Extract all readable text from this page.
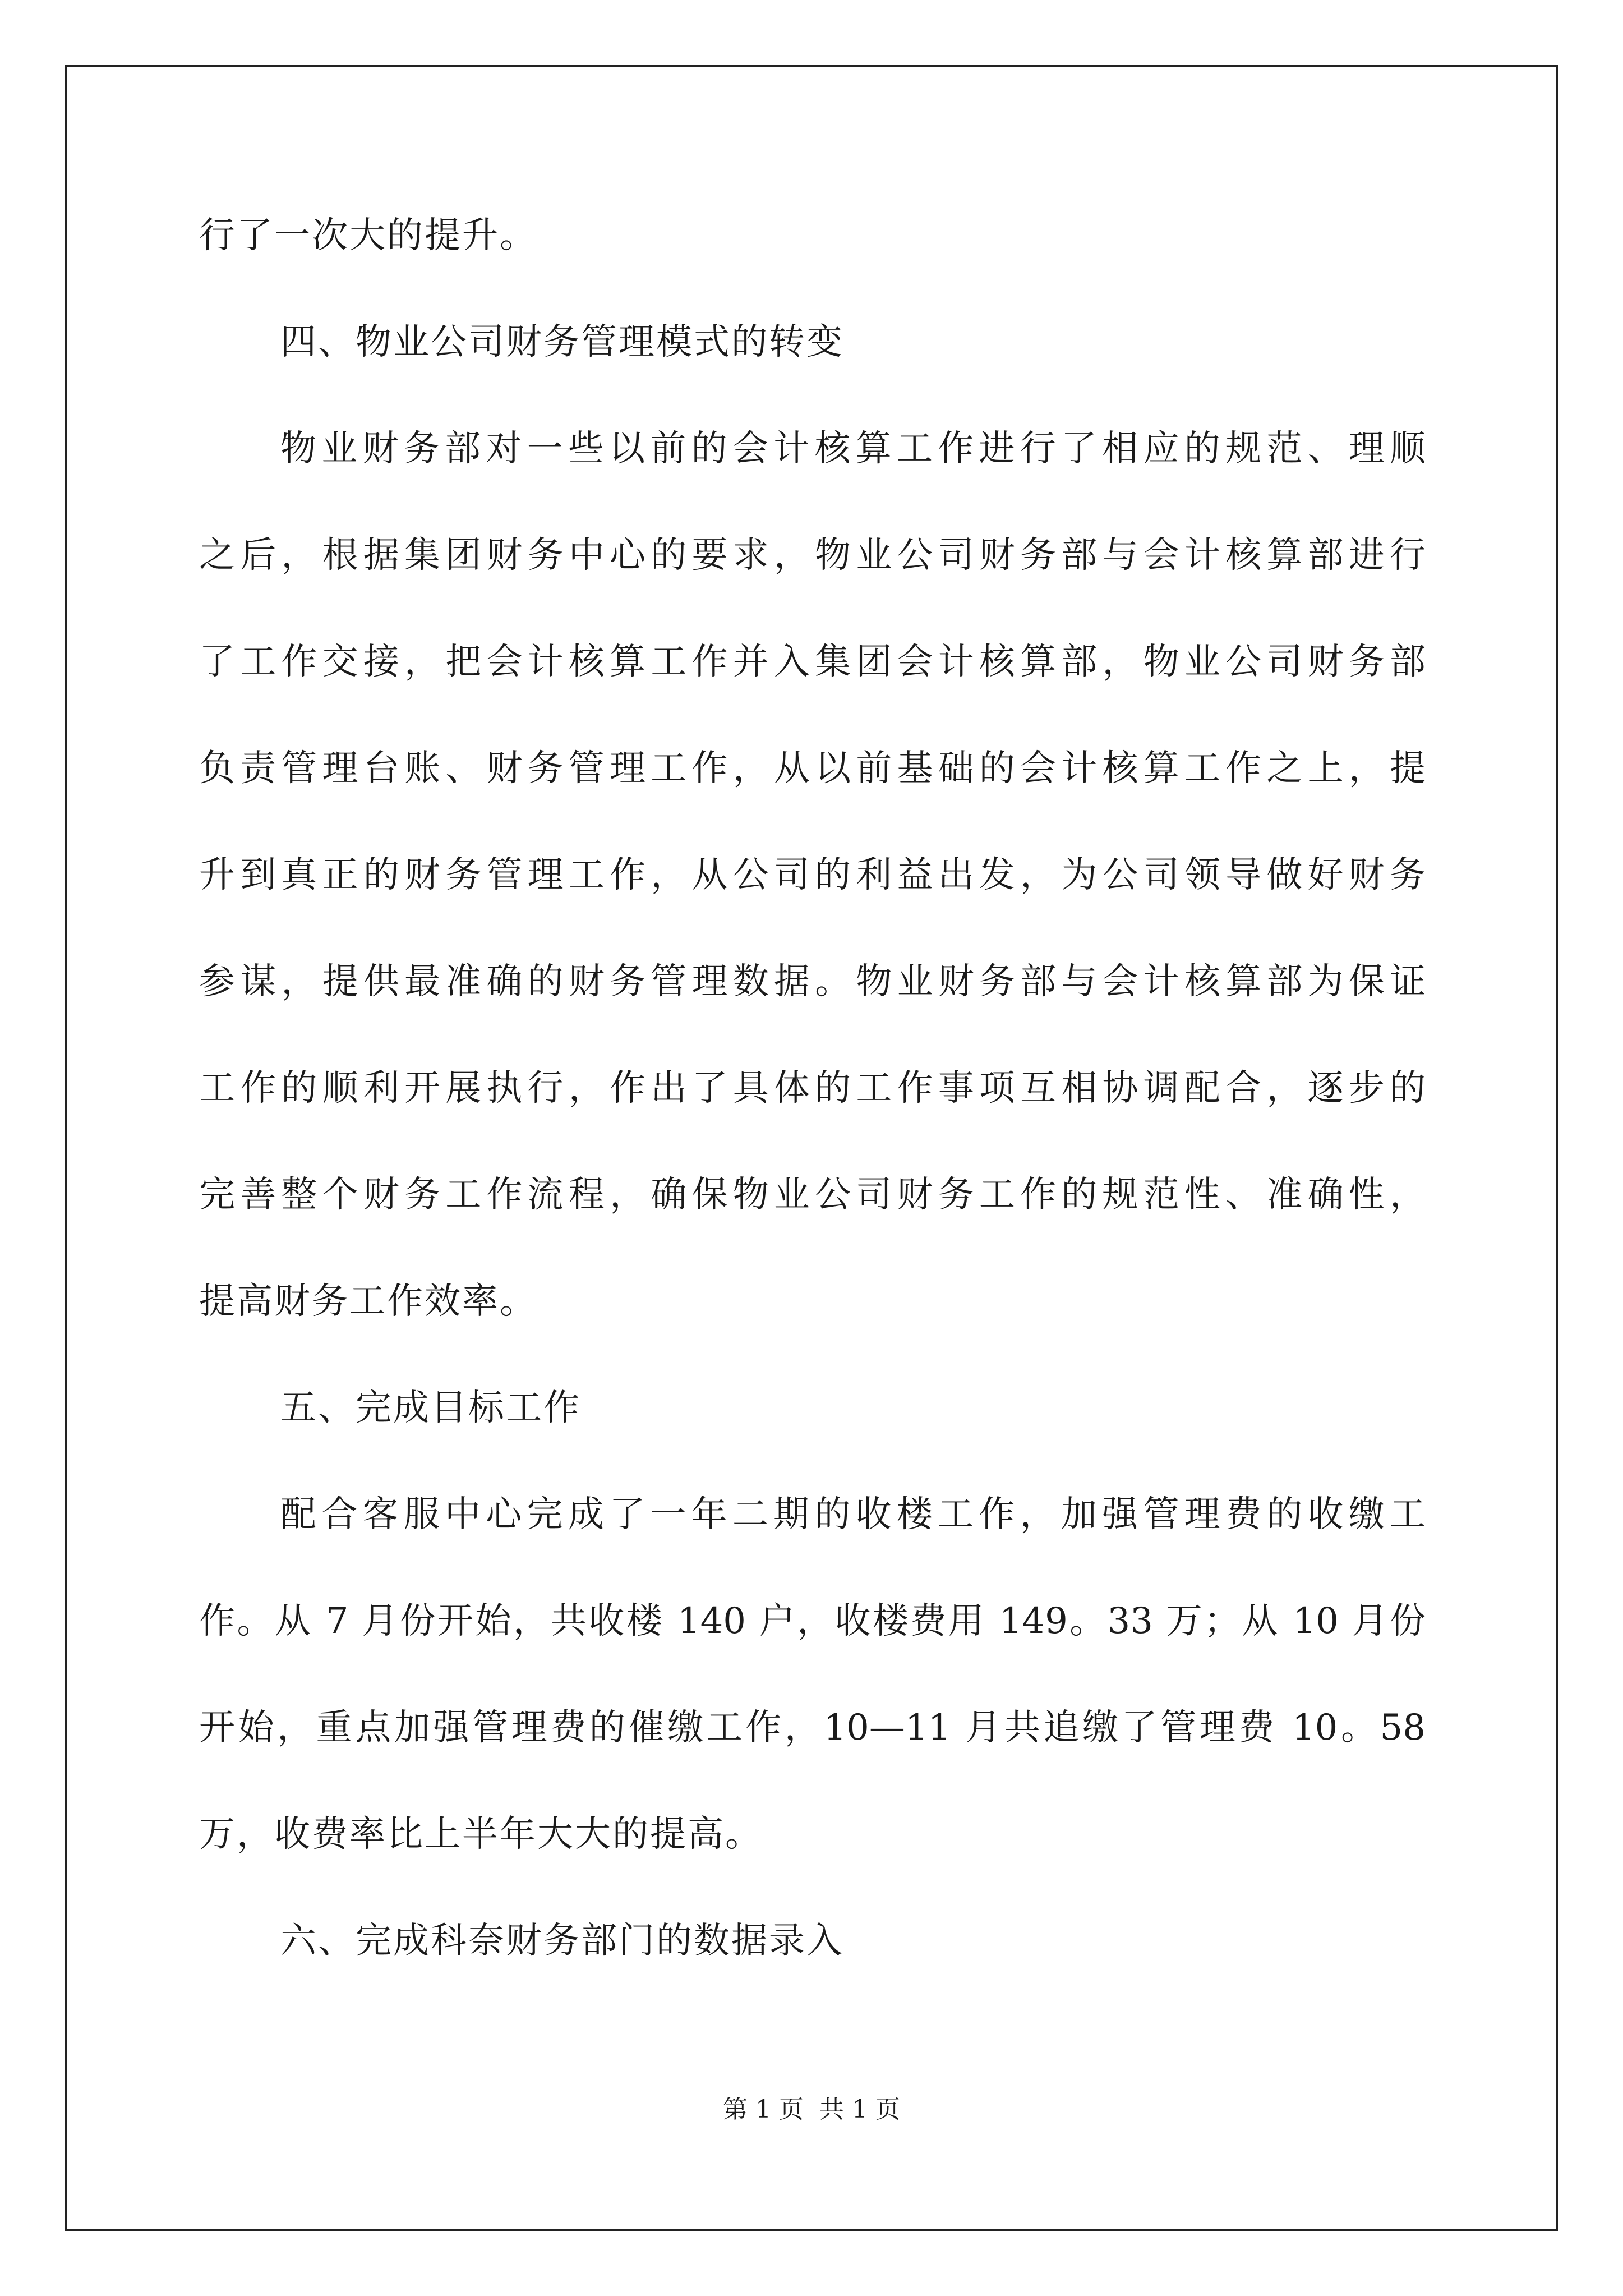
行了一次大的提升。
四、物业公司财务管理模式的转变
物业财务部对一些以前的会计核算工作进行了相应的规范、理顺
之后，根据集团财务中心的要求，物业公司财务部与会计核算部进行
了工作交接，把会计核算工作并入集团会计核算部，物业公司财务部
负责管理台账、财务管理工作，从以前基础的会计核算工作之上，提
升到真正的财务管理工作，从公司的利益出发，为公司领导做好财务
参谋，提供最准确的财务管理数据。物业财务部与会计核算部为保证
工作的顺利开展执行，作出了具体的工作事项互相协调配合，逐步的
完善整个财务工作流程，确保物业公司财务工作的规范性、准确性，
提高财务工作效率。
五、完成目标工作
配合客服中心完成了一年二期的收楼工作，加强管理费的收缴工
作。从 7 月份开始，共收楼 140 户，收楼费用 149。33 万；从 10 月份
开始，重点加强管理费的催缴工作，10—11 月共追缴了管理费 10。58
万，收费率比上半年大大的提高。
六、完成科奈财务部门的数据录入
第 1 页 共 1 页
